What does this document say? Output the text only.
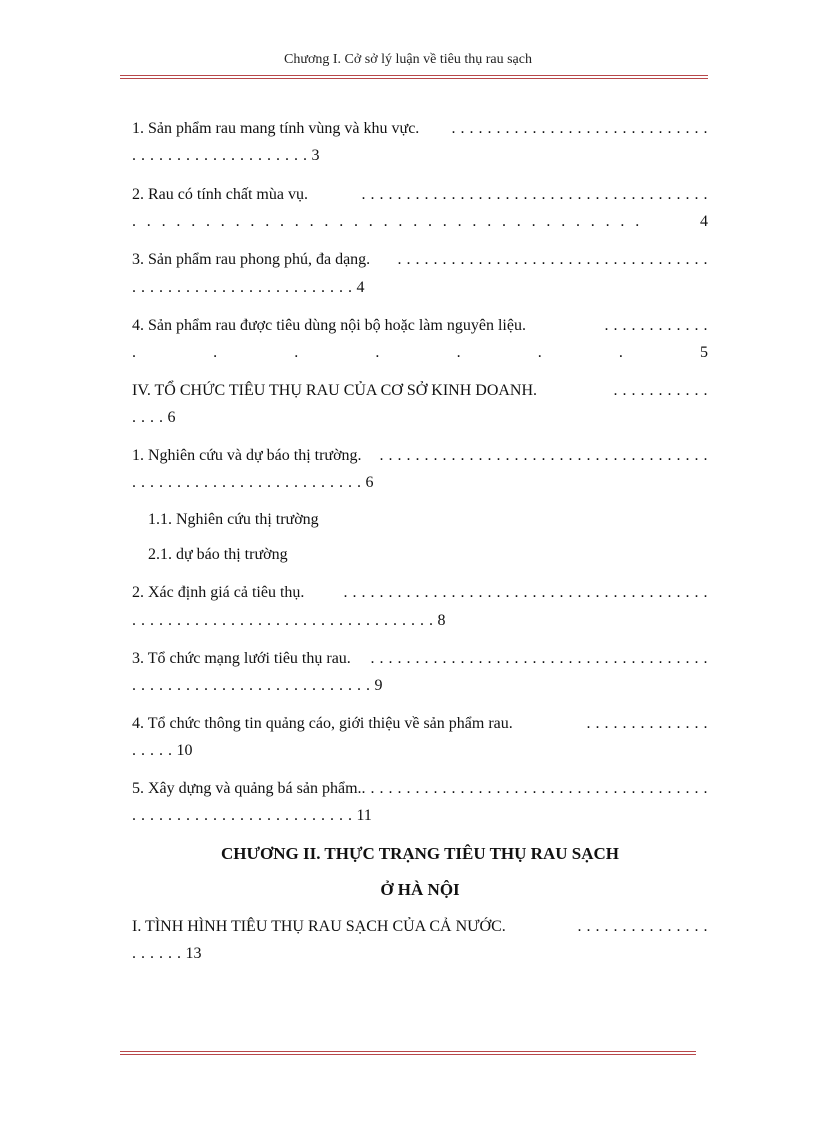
Chương I. Cở sở lý luận về tiêu thụ rau sạch
1. Sản phẩm rau mang tính vùng và khu vực. . . . . . . . . . . . . . . . . . . . . . . . . . . . . .
. . . . . . . . . . . . . . . . . . . .
3
2. Rau có tính chất mùa vụ.	. . . . . . . . . . . . . . . . . . . . . . . . . . . . . . . . . . . . . . .
. . . . . . . . . . . . . . . . . . . . . . . . . . . . . . . . . . .	4
3. Sản phẩm rau phong phú, đa dạng. . . . . . . . . . . . . . . . . . . . . . . . . . . . . . . . . . . .
. . . . . . . . . . . . . . . . . . . . . . . . .
4
4. Sản phẩm rau được tiêu dùng nội bộ hoặc làm nguyên liệu.	. . . . . . . . . . . .
.	.	.	.	.	.	.	5
IV. TỔ CHỨC TIÊU THỤ RAU CỦA CƠ SỞ KINH DOANH.	. . . . . . . . . . .
. . . .
6
1. Nghiên cứu và dự báo thị trường. . . . . . . . . . . . . . . . . . . . . . . . . . . . . . . . . . . . . .
. . . . . . . . . . . . . . . . . . . . . . . . . .
6
1.1. Nghiên cứu thị trường
2.1. dự báo thị trường
2. Xác định giá cả tiêu thụ. . . . . . . . . . . . . . . . . . . . . . . . . . . . . . . . . . . . . . . . . .
. . . . . . . . . . . . . . . . . . . . . . . . . . . . . . . . . .
8
3. Tổ chức mạng lưới tiêu thụ rau. . . . . . . . . . . . . . . . . . . . . . . . . . . . . . . . . . . . . . .
. . . . . . . . . . . . . . . . . . . . . . . . . . .
9
4. Tổ chức thông tin quảng cáo, giới thiệu về sản phẩm rau.	. . . . . . . . . . . . . .
. . . . .
10
5. Xây dựng và quảng bá sản phẩm. . . . . . . . . . . . . . . . . . . . . . . . . . . . . . . . . . . . . . . .
. . . . . . . . . . . . . . . . . . . . . . . . .
11
CHƯƠNG II. THỰC TRẠNG TIÊU THỤ RAU SẠCH
Ở HÀ NỘI
I. TÌNH HÌNH TIÊU THỤ RAU SẠCH CỦA CẢ NƯỚC.	. . . . . . . . . . . . . . .
. . . . . .
13
